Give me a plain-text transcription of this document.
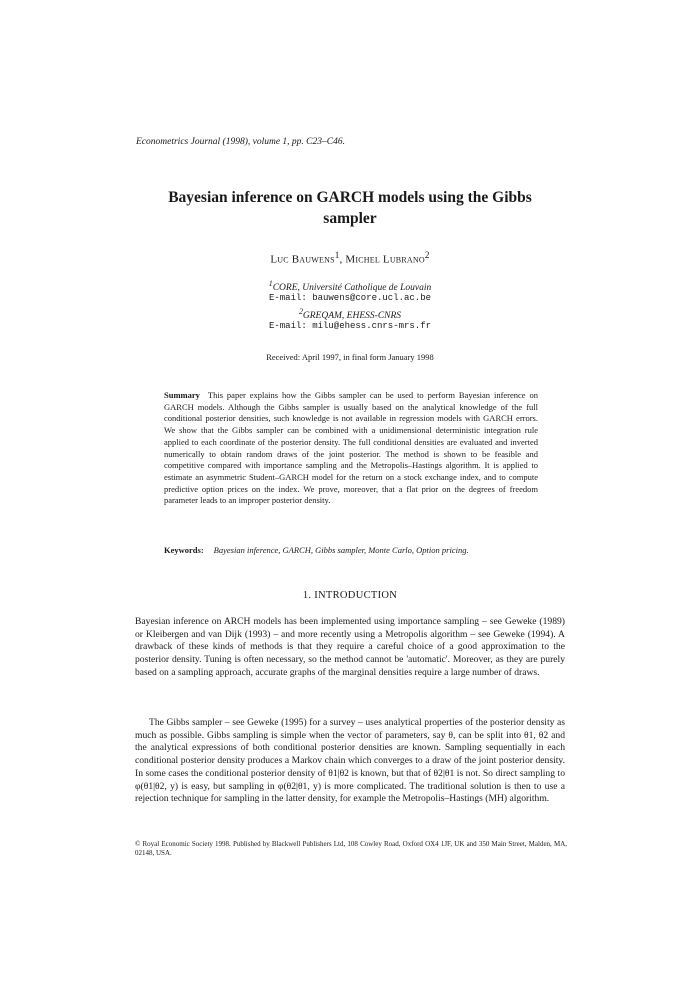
Econometrics Journal (1998), volume 1, pp. C23–C46.
Bayesian inference on GARCH models using the Gibbs
sampler
Luc Bauwens$^1$, Michel Lubrano$^2$
$^1$CORE, Université Catholique de Louvain
E-mail: bauwens@core.ucl.ac.be
$^2$GREQAM, EHESS-CNRS
E-mail: milu@ehess.cnrs-mrs.fr
Received: April 1997, in final form January 1998
Summary This paper explains how the Gibbs sampler can be used to perform Bayesian inference on GARCH models. Although the Gibbs sampler is usually based on the analytical knowledge of the full conditional posterior densities, such knowledge is not available in regression models with GARCH errors. We show that the Gibbs sampler can be combined with a unidimensional deterministic integration rule applied to each coordinate of the posterior density. The full conditional densities are evaluated and inverted numerically to obtain random draws of the joint posterior. The method is shown to be feasible and competitive compared with importance sampling and the Metropolis–Hastings algorithm. It is applied to estimate an asymmetric Student–GARCH model for the return on a stock exchange index, and to compute predictive option prices on the index. We prove, moreover, that a flat prior on the degrees of freedom parameter leads to an improper posterior density.
Keywords: Bayesian inference, GARCH, Gibbs sampler, Monte Carlo, Option pricing.
1. INTRODUCTION
Bayesian inference on ARCH models has been implemented using importance sampling – see Geweke (1989) or Kleibergen and van Dijk (1993) – and more recently using a Metropolis algorithm – see Geweke (1994). A drawback of these kinds of methods is that they require a careful choice of a good approximation to the posterior density. Tuning is often necessary, so the method cannot be 'automatic'. Moreover, as they are purely based on a sampling approach, accurate graphs of the marginal densities require a large number of draws.
The Gibbs sampler – see Geweke (1995) for a survey – uses analytical properties of the posterior density as much as possible. Gibbs sampling is simple when the vector of parameters, say θ, can be split into θ1, θ2 and the analytical expressions of both conditional posterior densities are known. Sampling sequentially in each conditional posterior density produces a Markov chain which converges to a draw of the joint posterior density. In some cases the conditional posterior density of θ1|θ2 is known, but that of θ2|θ1 is not. So direct sampling to φ(θ1|θ2, y) is easy, but sampling in φ(θ2|θ1, y) is more complicated. The traditional solution is then to use a rejection technique for sampling in the latter density, for example the Metropolis–Hastings (MH) algorithm.
© Royal Economic Society 1998. Published by Blackwell Publishers Ltd, 108 Cowley Road, Oxford OX4 1JF, UK and 350 Main Street, Malden, MA, 02148, USA.
